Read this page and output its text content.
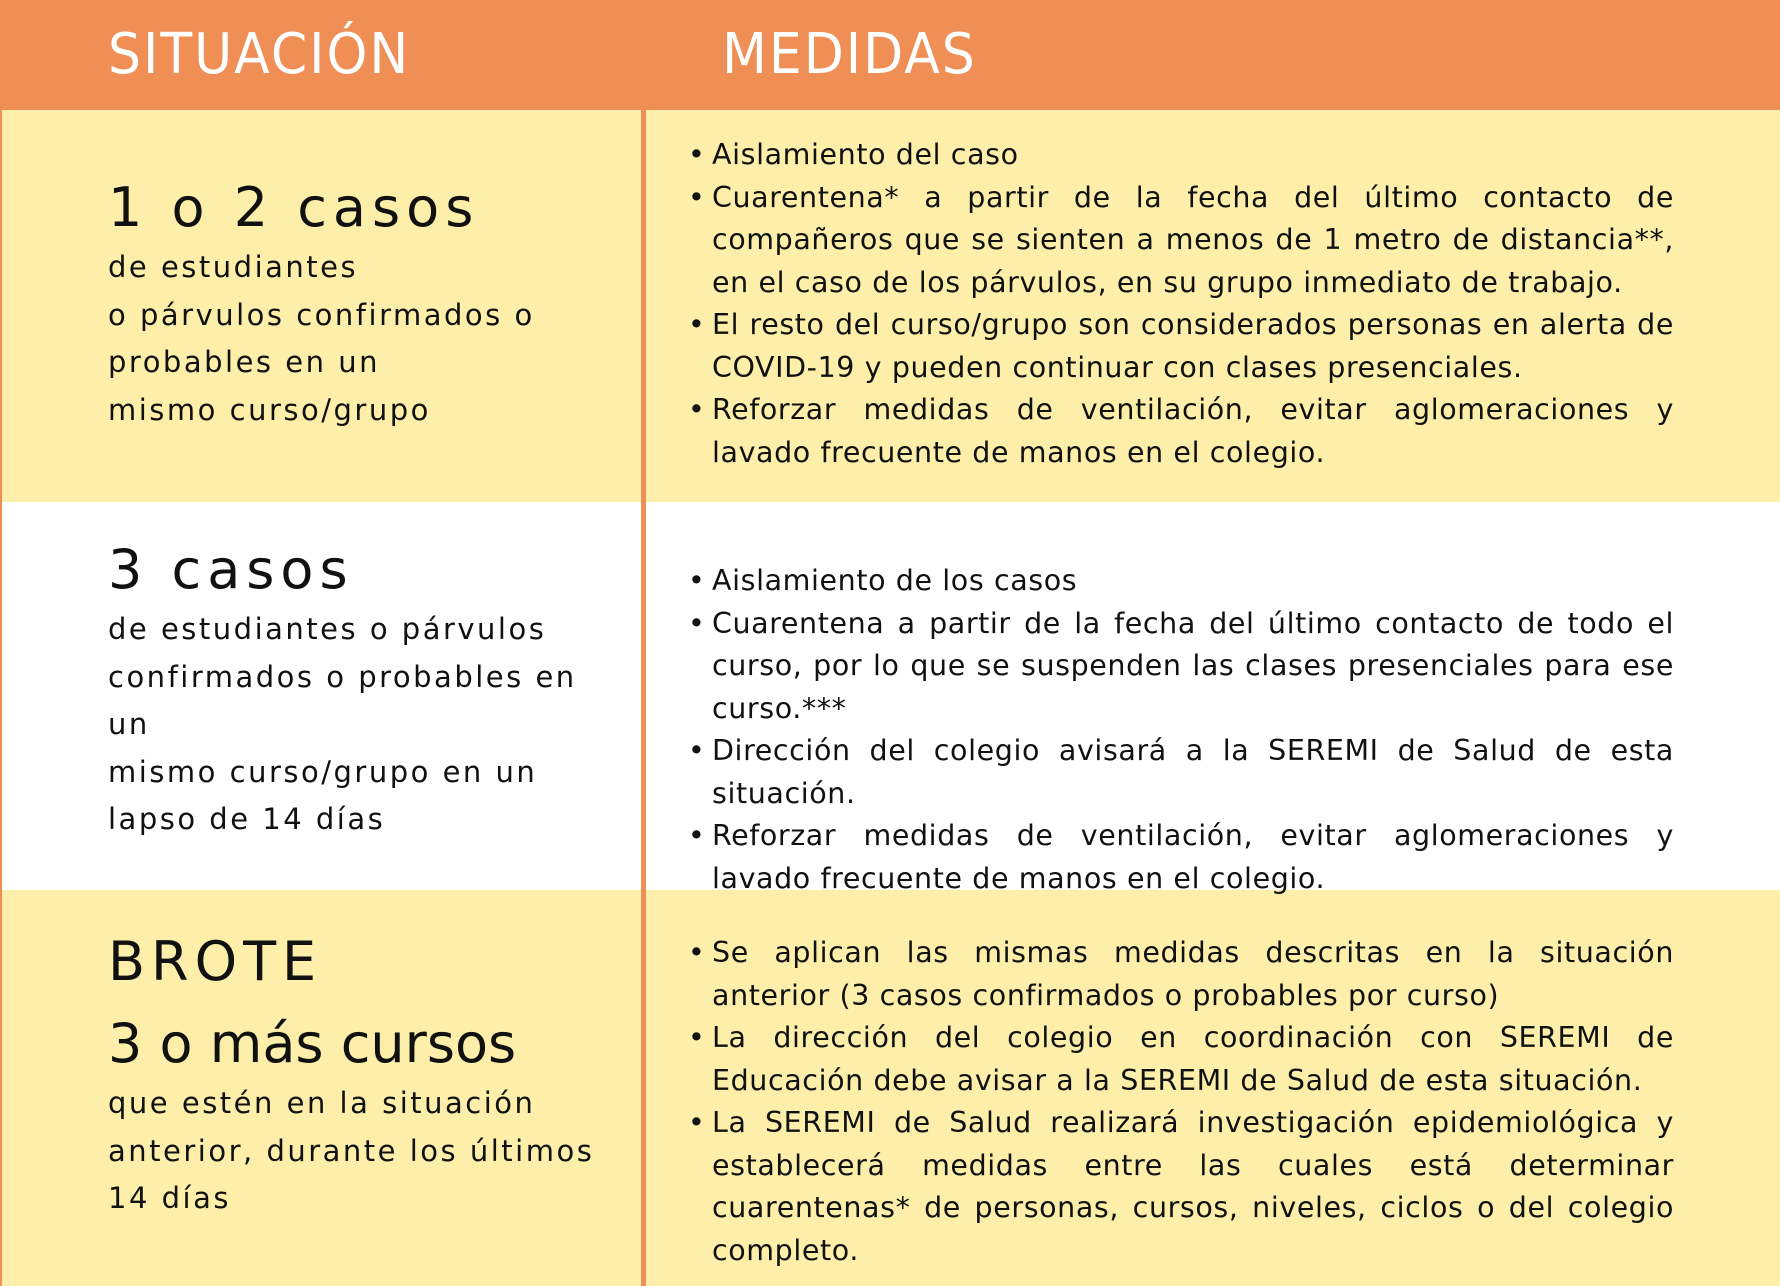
SITUACIÓN	MEDIDAS
1 o 2 casos

de estudiantes
o párvulos confirmados o
probables en un
mismo curso/grupo

• Aislamiento del caso
• Cuarentena* a partir de la fecha del último contacto de compañeros que se sienten a menos de 1 metro de distancia**, en el caso de los párvulos, en su grupo inmediato de trabajo.
• El resto del curso/grupo son considerados personas en alerta de COVID-19 y pueden continuar con clases presenciales.
• Reforzar medidas de ventilación, evitar aglomeraciones y lavado frecuente de manos en el colegio.
3 casos

de estudiantes o párvulos
confirmados o probables en
un
mismo curso/grupo en un
lapso de 14 días

• Aislamiento de los casos
• Cuarentena a partir de la fecha del último contacto de todo el curso, por lo que se suspenden las clases presenciales para ese curso.***
• Dirección del colegio avisará a la SEREMI de Salud de esta situación.
• Reforzar medidas de ventilación, evitar aglomeraciones y lavado frecuente de manos en el colegio.
BROTE
3 o más cursos

que estén en la situación
anterior, durante los últimos
14 días

• Se aplican las mismas medidas descritas en la situación anterior (3 casos confirmados o probables por curso)
• La dirección del colegio en coordinación con SEREMI de Educación debe avisar a la SEREMI de Salud de esta situación.
• La SEREMI de Salud realizará investigación epidemiológica y establecerá medidas entre las cuales está determinar cuarentenas* de personas, cursos, niveles, ciclos o del colegio completo.
